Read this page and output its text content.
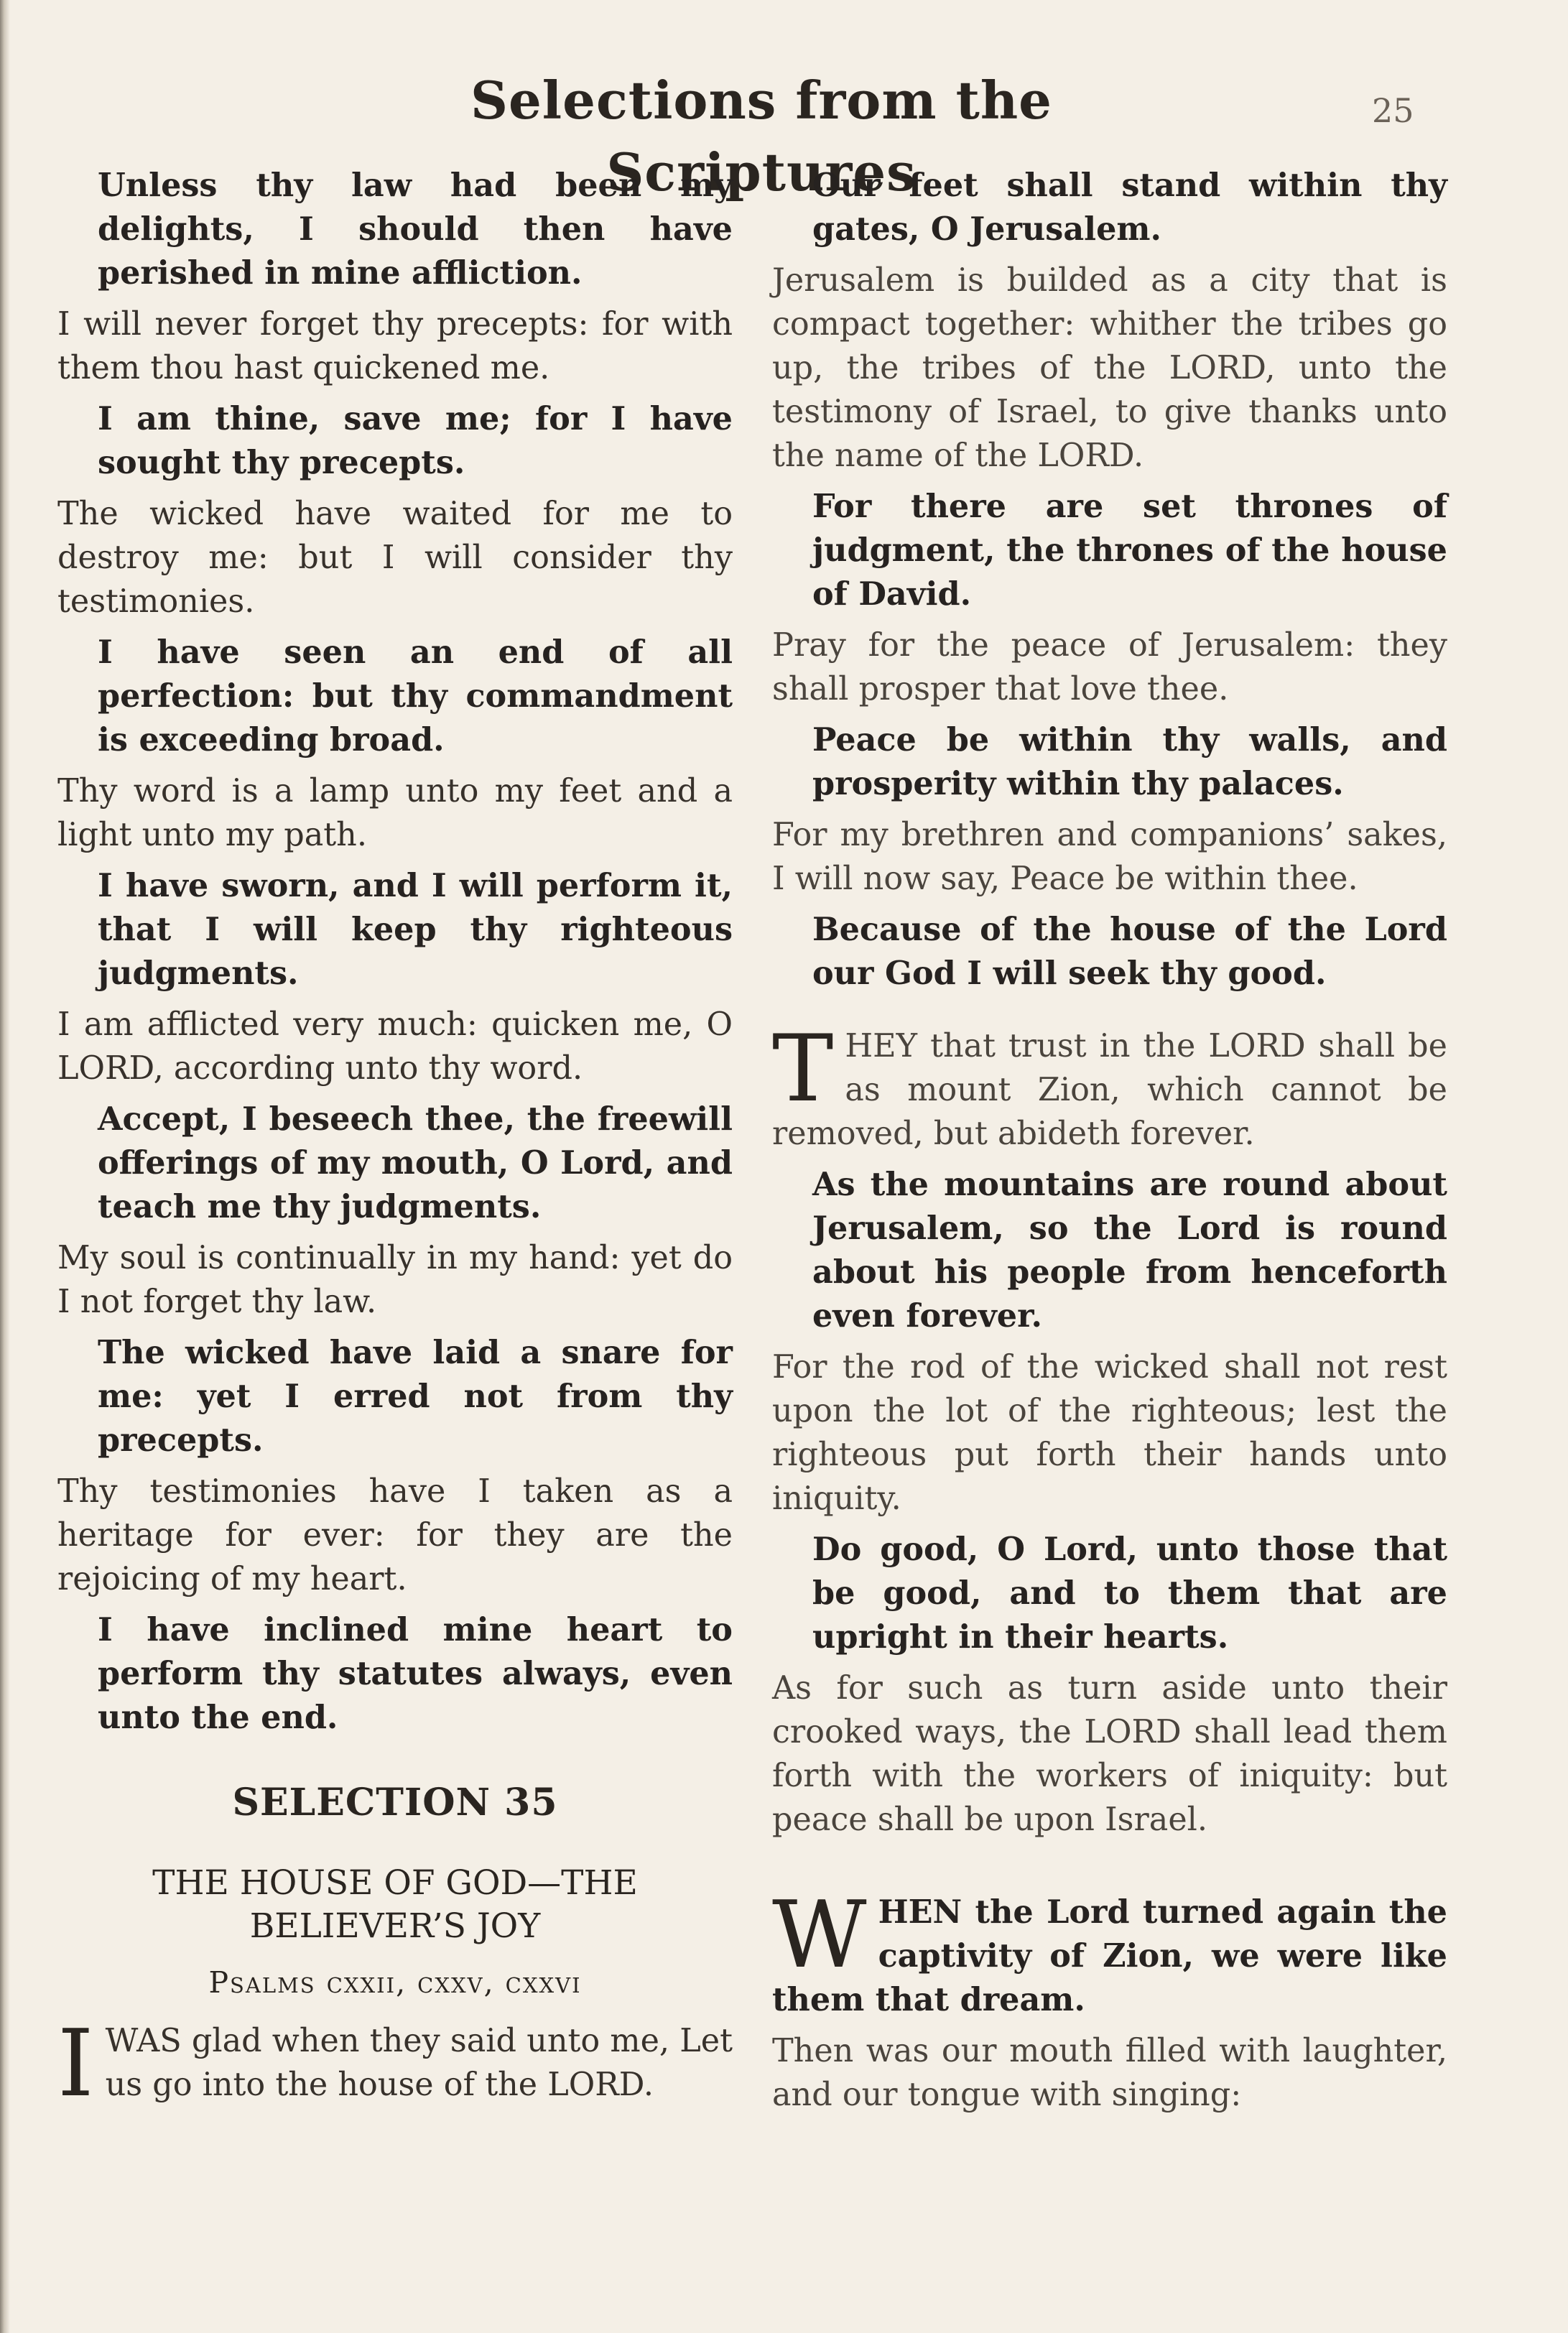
Selections from the Scriptures
25

Unless thy law had been my delights, I should then have perished in mine affliction.

I will never forget thy precepts: for with them thou hast quickened me.

I am thine, save me; for I have sought thy precepts.

The wicked have waited for me to destroy me: but I will consider thy testimonies.

I have seen an end of all perfection: but thy commandment is exceeding broad.

Thy word is a lamp unto my feet and a light unto my path.

I have sworn, and I will perform it, that I will keep thy righteous judgments.

I am afflicted very much: quicken me, O LORD, according unto thy word.

Accept, I beseech thee, the freewill offerings of my mouth, O Lord, and teach me thy judgments.

My soul is continually in my hand: yet do I not forget thy law.

The wicked have laid a snare for me: yet I erred not from thy precepts.

Thy testimonies have I taken as a heritage for ever: for they are the rejoicing of my heart.

I have inclined mine heart to perform thy statutes always, even unto the end.

SELECTION 35
THE HOUSE OF GOD—THE
BELIEVER’S JOY
Psalms cxxii, cxxv, cxxvi

IWAS glad when they said unto me, Let us go into the house of the LORD.

Our feet shall stand within thy gates, O Jerusalem.

Jerusalem is builded as a city that is compact together: whither the tribes go up, the tribes of the LORD, unto the testimony of Israel, to give thanks unto the name of the LORD.

For there are set thrones of judgment, the thrones of the house of David.

Pray for the peace of Jerusalem: they shall prosper that love thee.

Peace be within thy walls, and prosperity within thy palaces.

For my brethren and companions’ sakes, I will now say, Peace be within thee.

Because of the house of the Lord our God I will seek thy good.

THEY that trust in the LORD shall be as mount Zion, which cannot be removed, but abideth forever.

As the mountains are round about Jerusalem, so the Lord is round about his people from henceforth even forever.

For the rod of the wicked shall not rest upon the lot of the righteous; lest the righteous put forth their hands unto iniquity.

Do good, O Lord, unto those that be good, and to them that are upright in their hearts.

As for such as turn aside unto their crooked ways, the LORD shall lead them forth with the workers of iniquity: but peace shall be upon Israel.

WHEN the Lord turned again the captivity of Zion, we were like them that dream.

Then was our mouth filled with laughter, and our tongue with singing:
